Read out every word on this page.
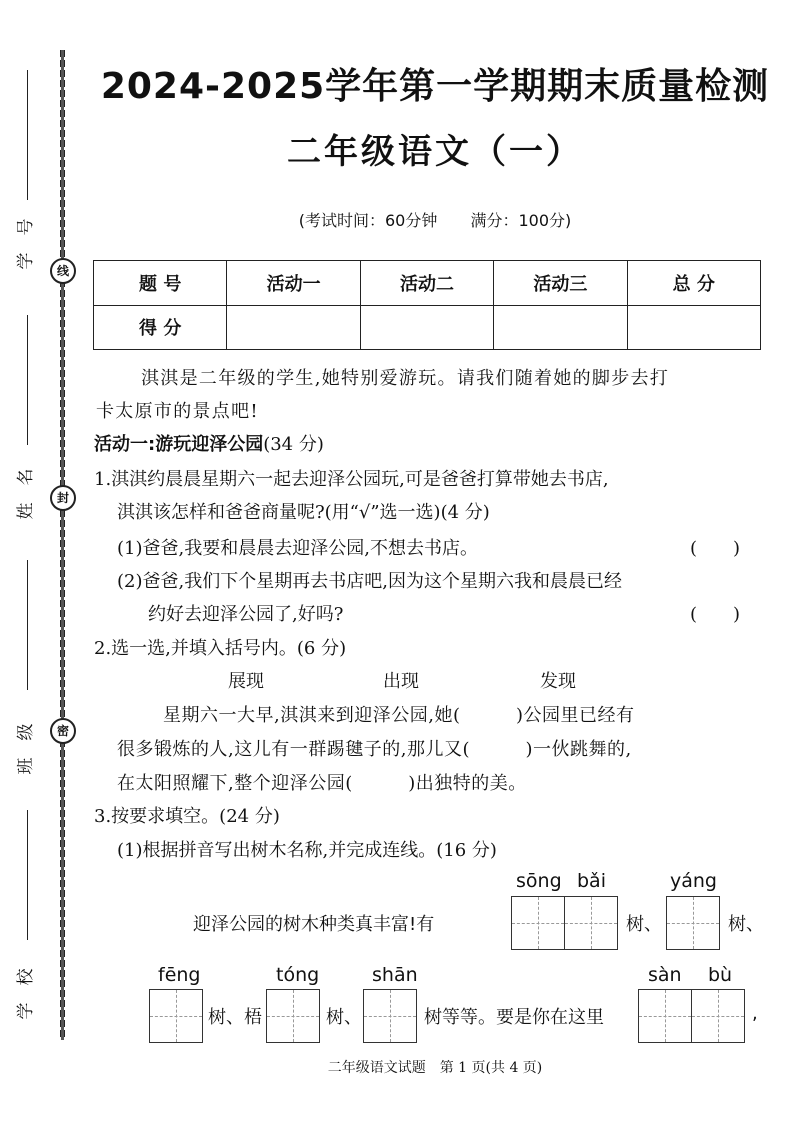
线
封
密
号
学
名
姓
级
班
校
学
2024-2025学年第一学期期末质量检测
二年级语文（一）
(考试时间：60分钟 满分：100分)
题 号	活动一	活动二	活动三	总 分
得 分				
淇淇是二年级的学生,她特别爱游玩。请我们随着她的脚步去打
卡太原市的景点吧!
活动一:游玩迎泽公园(34 分)
1.淇淇约晨晨星期六一起去迎泽公园玩,可是爸爸打算带她去书店,
淇淇该怎样和爸爸商量呢?(用“√”选一选)(4 分)
(1)爸爸,我要和晨晨去迎泽公园,不想去书店。	(　　)
(2)爸爸,我们下个星期再去书店吧,因为这个星期六我和晨晨已经
约好去迎泽公园了,好吗?	(　　)
2.选一选,并填入括号内。(6 分)
展现	出现	发现
星期六一大早,淇淇来到迎泽公园,她(　　　)公园里已经有
很多锻炼的人,这儿有一群踢毽子的,那儿又(　　　)一伙跳舞的,
在太阳照耀下,整个迎泽公园(　　　)出独特的美。
3.按要求填空。(24 分)
(1)根据拼音写出树木名称,并完成连线。(16 分)
sōng bǎi	yáng
迎泽公园的树木种类真丰富!有	树、	树、
fēng	tóng	shān	sàn bù
树、梧	树、	树等等。要是你在这里	,
二年级语文试题　第 1 页(共 4 页)
